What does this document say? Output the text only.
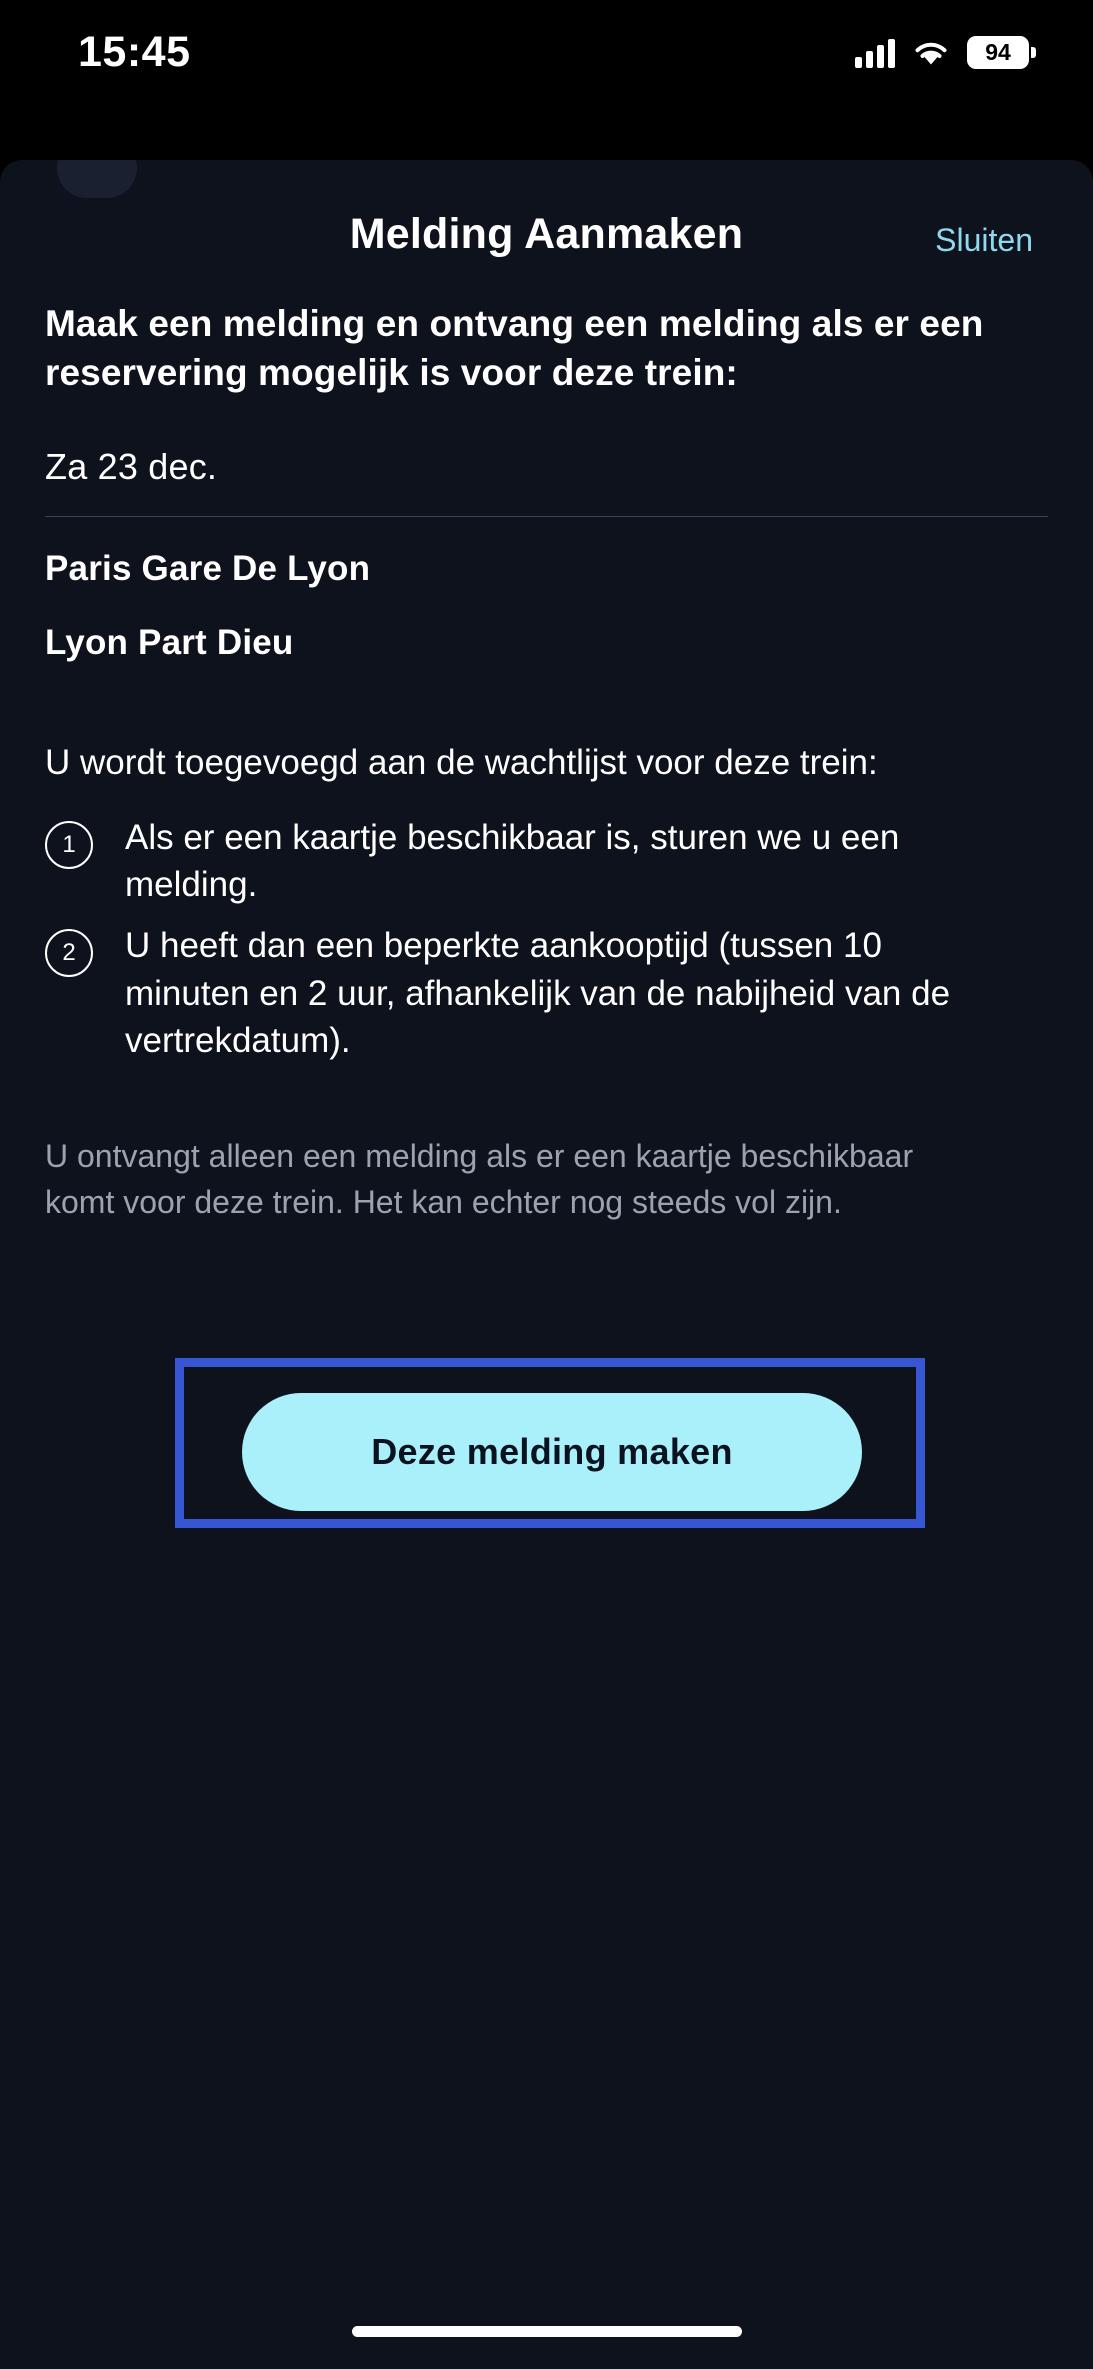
15:45	94
Melding Aanmaken	Sluiten
Maak een melding en ontvang een melding als er een reservering mogelijk is voor deze trein:
Za 23 dec.
Paris Gare De Lyon
Lyon Part Dieu
U wordt toegevoegd aan de wachtlijst voor deze trein:
1	Als er een kaartje beschikbaar is, sturen we u een melding.
2	U heeft dan een beperkte aankooptijd (tussen 10 minuten en 2 uur, afhankelijk van de nabijheid van de vertrekdatum).
U ontvangt alleen een melding als er een kaartje beschikbaar komt voor deze trein. Het kan echter nog steeds vol zijn.
Deze melding maken
